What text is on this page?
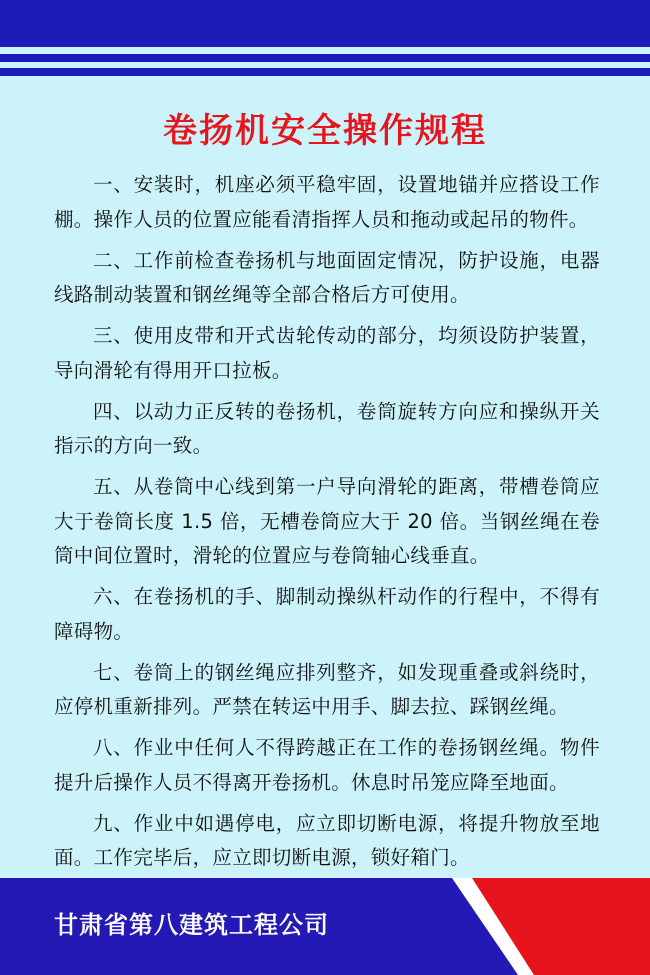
卷扬机安全操作规程

一、安装时，机座必须平稳牢固，设置地锚并应搭设工作棚。操作人员的位置应能看清指挥人员和拖动或起吊的物件。

二、工作前检查卷扬机与地面固定情况，防护设施，电器线路制动装置和钢丝绳等全部合格后方可使用。

三、使用皮带和开式齿轮传动的部分，均须设防护装置，导向滑轮有得用开口拉板。

四、以动力正反转的卷扬机，卷筒旋转方向应和操纵开关指示的方向一致。

五、从卷筒中心线到第一户导向滑轮的距离，带槽卷筒应大于卷筒长度 1.5 倍，无槽卷筒应大于 20 倍。当钢丝绳在卷筒中间位置时，滑轮的位置应与卷筒轴心线垂直。

六、在卷扬机的手、脚制动操纵杆动作的行程中，不得有障碍物。

七、卷筒上的钢丝绳应排列整齐，如发现重叠或斜绕时，应停机重新排列。严禁在转运中用手、脚去拉、踩钢丝绳。

八、作业中任何人不得跨越正在工作的卷扬钢丝绳。物件提升后操作人员不得离开卷扬机。休息时吊笼应降至地面。

九、作业中如遇停电，应立即切断电源，将提升物放至地面。工作完毕后，应立即切断电源，锁好箱门。

甘肃省第八建筑工程公司
